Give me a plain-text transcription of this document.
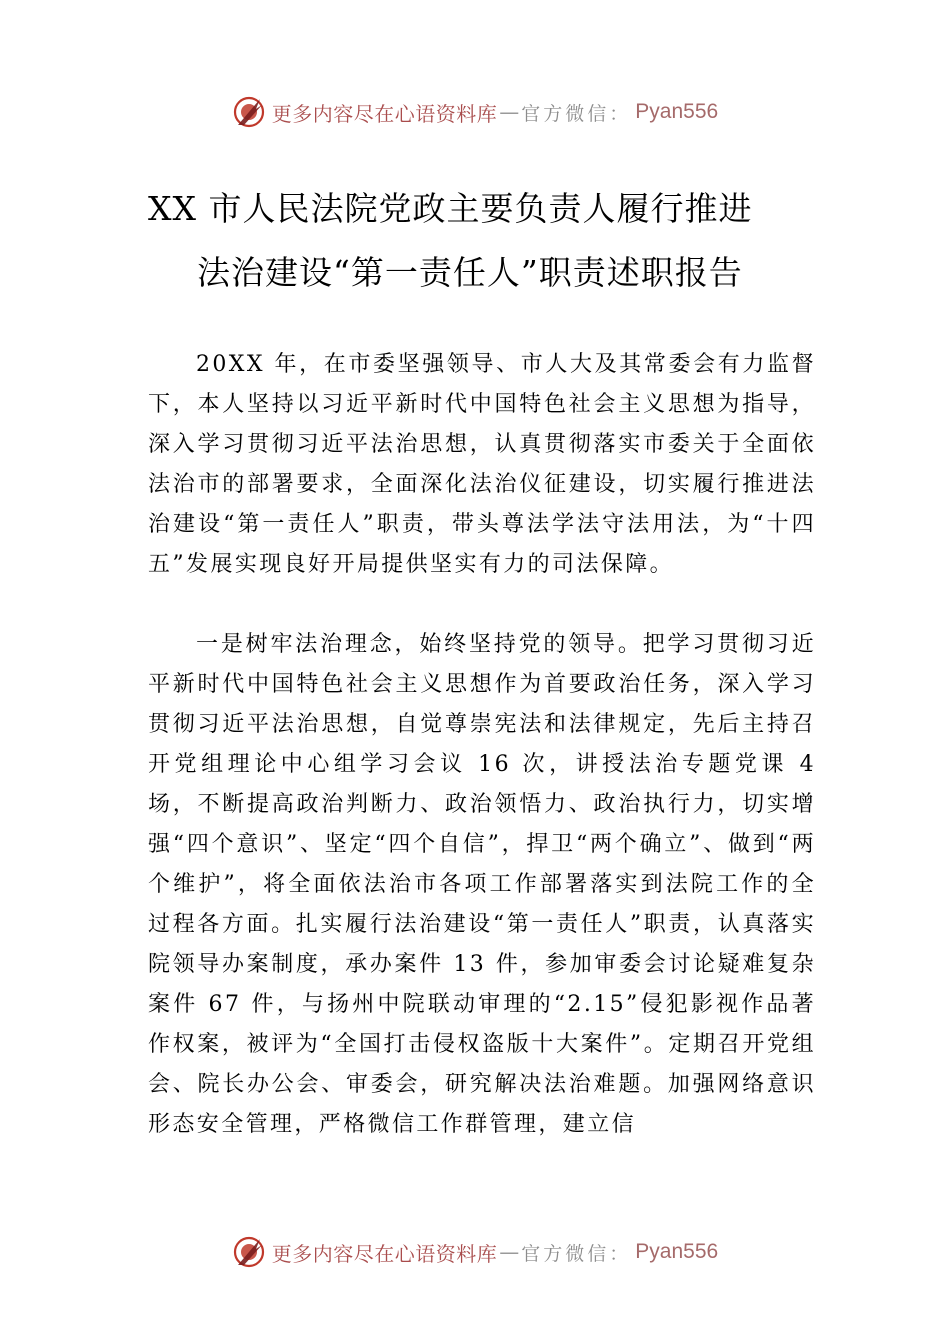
更多内容尽在心语资料库 — 官方微信： Pyan556
XX 市人民法院党政主要负责人履行推进
法治建设“第一责任人”职责述职报告

20XX 年，在市委坚强领导、市人大及其常委会有力监督下，本人坚持以习近平新时代中国特色社会主义思想为指导，深入学习贯彻习近平法治思想，认真贯彻落实市委关于全面依法治市的部署要求，全面深化法治仪征建设，切实履行推进法治建设“第一责任人”职责，带头尊法学法守法用法，为“十四五”发展实现良好开局提供坚实有力的司法保障。

一是树牢法治理念，始终坚持党的领导。把学习贯彻习近平新时代中国特色社会主义思想作为首要政治任务，深入学习贯彻习近平法治思想，自觉尊崇宪法和法律规定，先后主持召开党组理论中心组学习会议 16 次，讲授法治专题党课 4 场，不断提高政治判断力、政治领悟力、政治执行力，切实增强“四个意识”、坚定“四个自信”，捍卫“两个确立”、做到“两个维护”，将全面依法治市各项工作部署落实到法院工作的全过程各方面。扎实履行法治建设“第一责任人”职责，认真落实院领导办案制度，承办案件 13 件，参加审委会讨论疑难复杂案件 67 件，与扬州中院联动审理的“2.15”侵犯影视作品著作权案，被评为“全国打击侵权盗版十大案件”。定期召开党组会、院长办公会、审委会，研究解决法治难题。加强网络意识形态安全管理，严格微信工作群管理，建立信

更多内容尽在心语资料库 — 官方微信： Pyan556
